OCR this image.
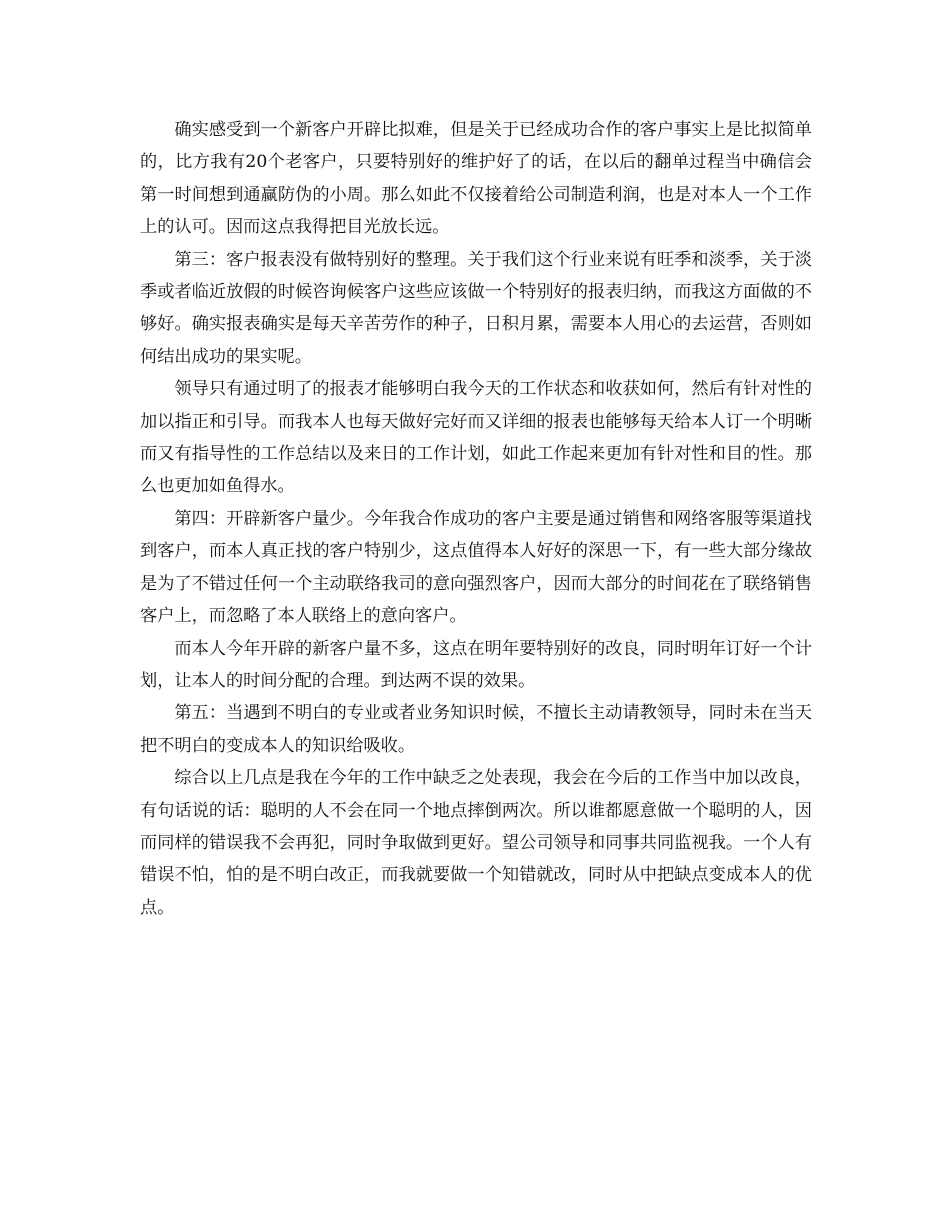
确实感受到一个新客户开辟比拟难，但是关于已经成功合作的客户事实上是比拟简单的，比方我有20个老客户，只要特别好的维护好了的话，在以后的翻单过程当中确信会第一时间想到通赢防伪的小周。那么如此不仅接着给公司制造利润，也是对本人一个工作上的认可。因而这点我得把目光放长远。

第三：客户报表没有做特别好的整理。关于我们这个行业来说有旺季和淡季，关于淡季或者临近放假的时候咨询候客户这些应该做一个特别好的报表归纳，而我这方面做的不够好。确实报表确实是每天辛苦劳作的种子，日积月累，需要本人用心的去运营，否则如何结出成功的果实呢。

领导只有通过明了的报表才能够明白我今天的工作状态和收获如何，然后有针对性的加以指正和引导。而我本人也每天做好完好而又详细的报表也能够每天给本人订一个明晰而又有指导性的工作总结以及来日的工作计划，如此工作起来更加有针对性和目的性。那么也更加如鱼得水。

第四：开辟新客户量少。今年我合作成功的客户主要是通过销售和网络客服等渠道找到客户，而本人真正找的客户特别少，这点值得本人好好的深思一下，有一些大部分缘故是为了不错过任何一个主动联络我司的意向强烈客户，因而大部分的时间花在了联络销售客户上，而忽略了本人联络上的意向客户。

而本人今年开辟的新客户量不多，这点在明年要特别好的改良，同时明年订好一个计划，让本人的时间分配的合理。到达两不误的效果。

第五：当遇到不明白的专业或者业务知识时候，不擅长主动请教领导，同时未在当天把不明白的变成本人的知识给吸收。

综合以上几点是我在今年的工作中缺乏之处表现，我会在今后的工作当中加以改良，有句话说的话：聪明的人不会在同一个地点摔倒两次。所以谁都愿意做一个聪明的人，因而同样的错误我不会再犯，同时争取做到更好。望公司领导和同事共同监视我。一个人有错误不怕，怕的是不明白改正，而我就要做一个知错就改，同时从中把缺点变成本人的优点。
